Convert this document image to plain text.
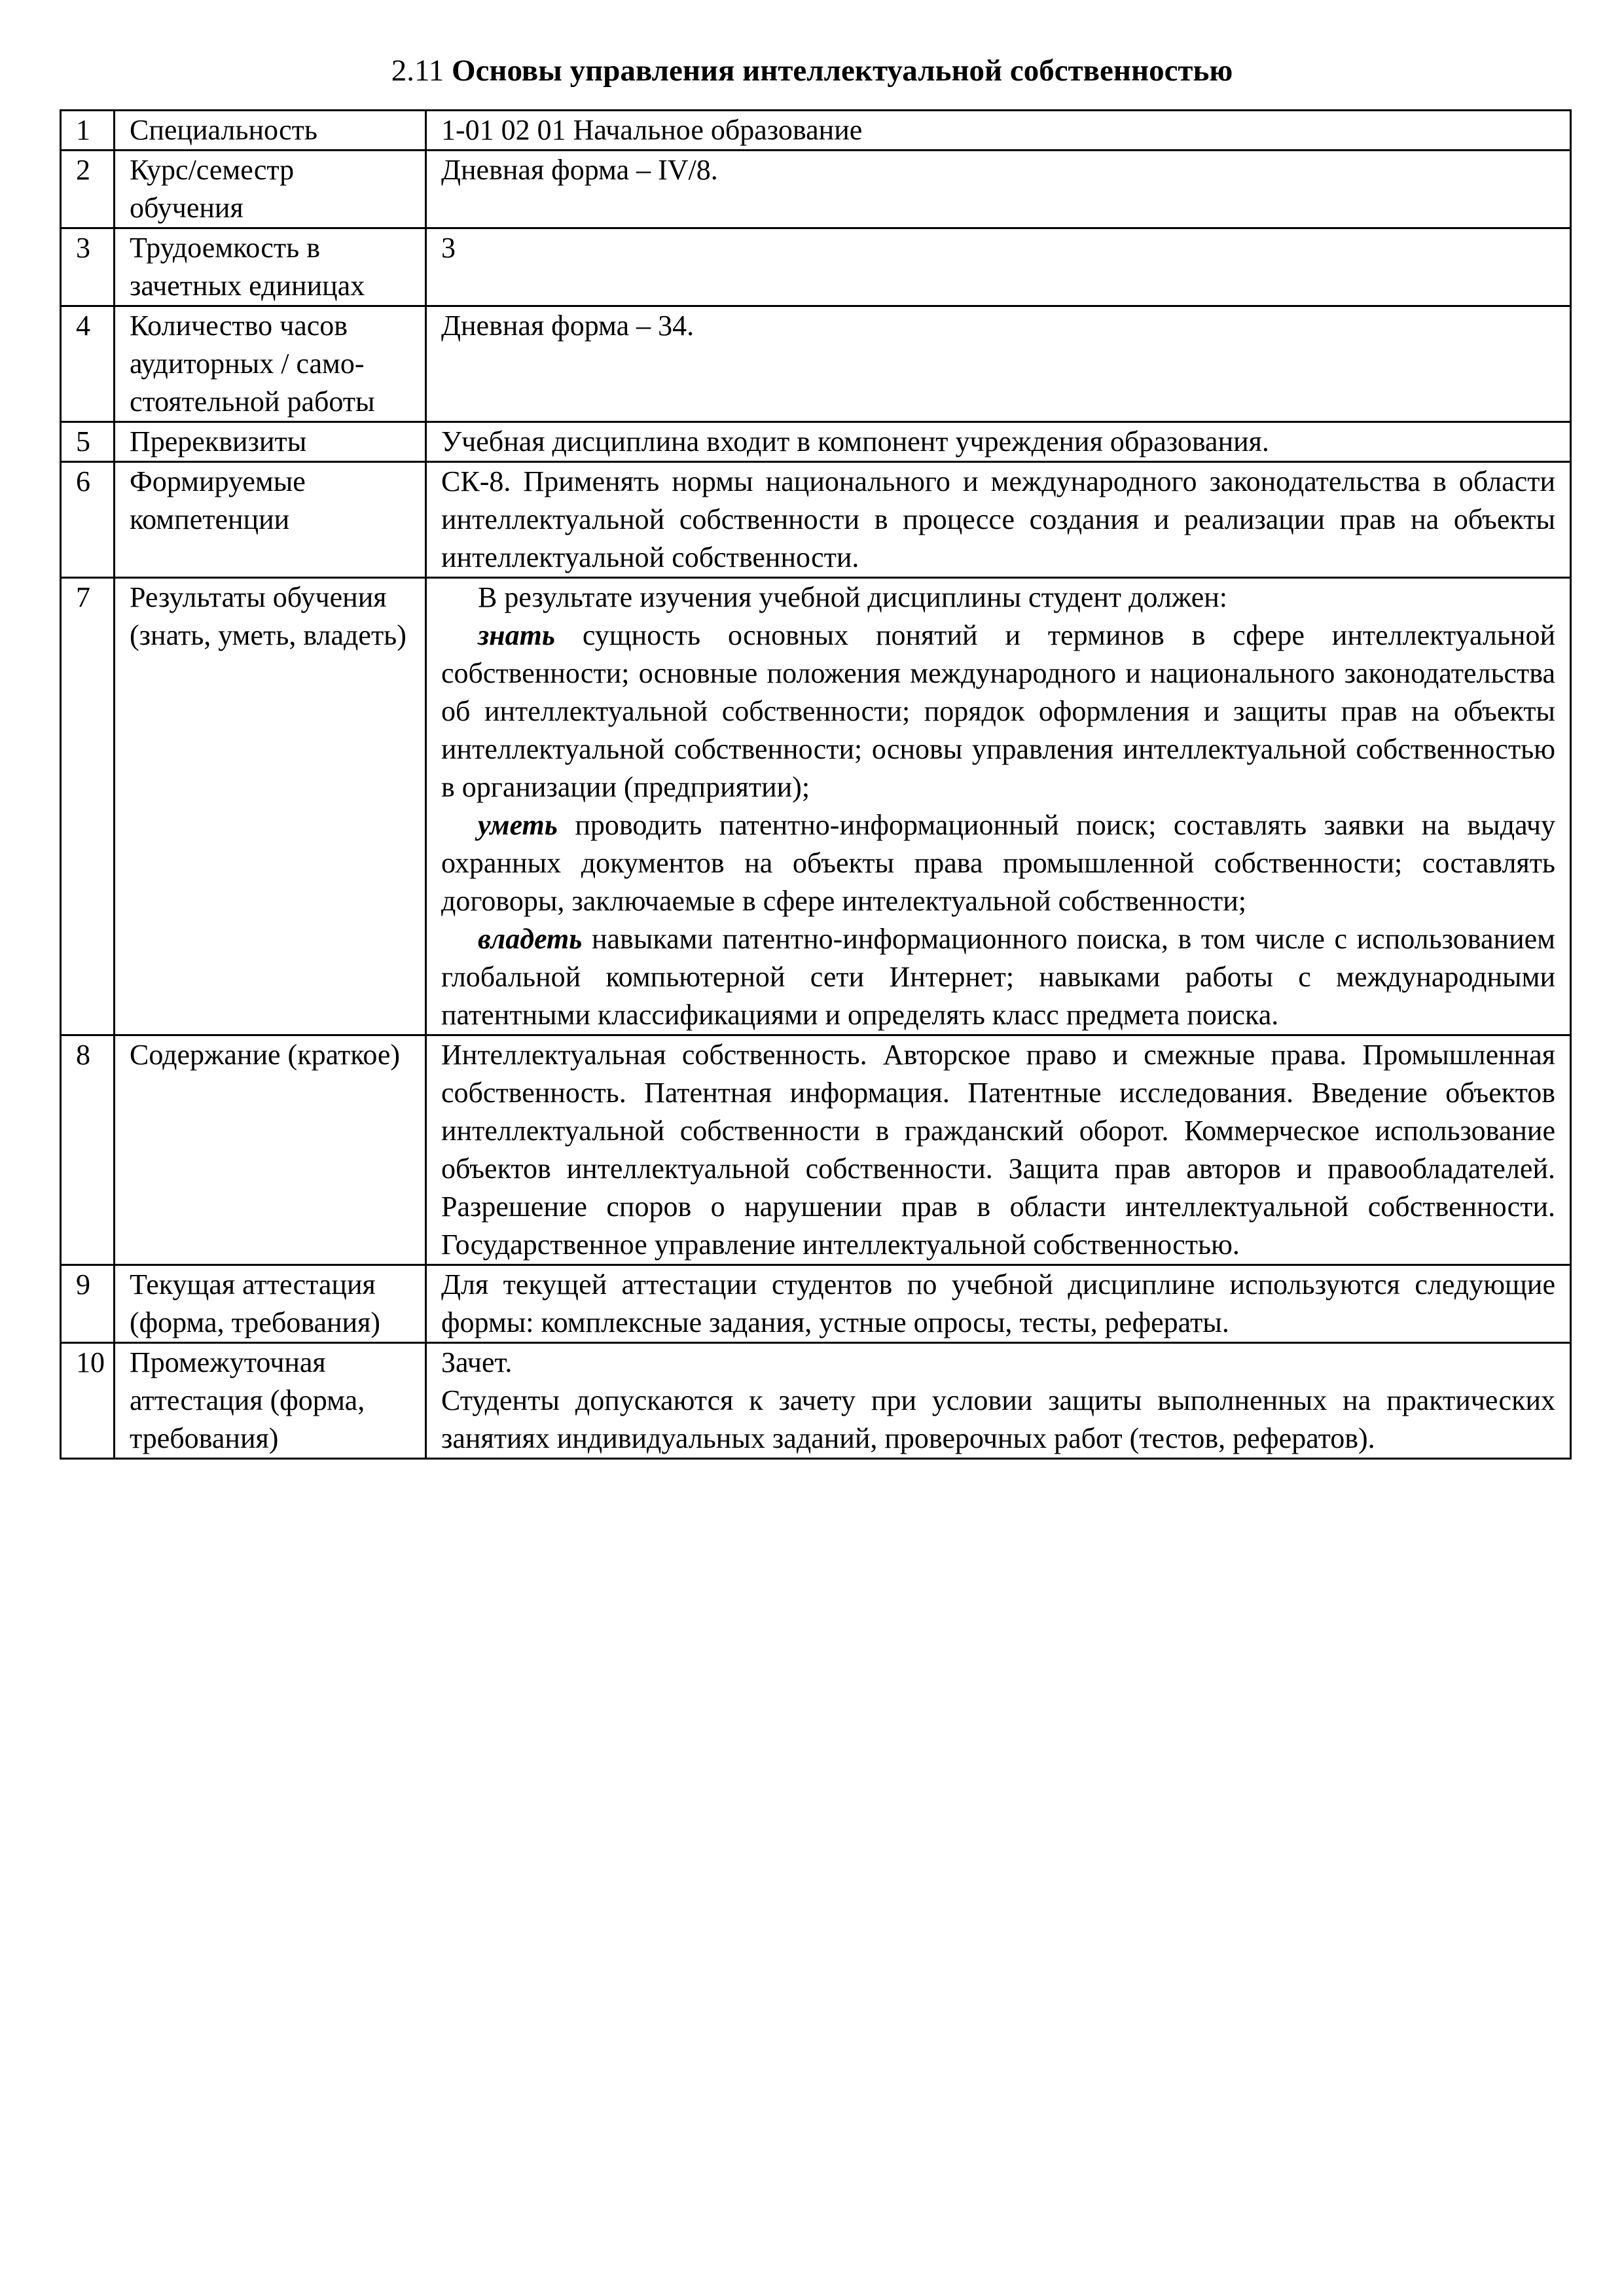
2.11 Основы управления интеллектуальной собственностью
1	Специальность	1-01 02 01 Начальное образование
2	Курс/семестр обучения	Дневная форма – IV/8.
3	Трудоемкость в зачетных единицах	3
4	Количество часов аудиторных / само-стоятельной работы	Дневная форма – 34.
5	Пререквизиты	Учебная дисциплина входит в компонент учреждения образования.
6	Формируемые компетенции	СК-8. Применять нормы национального и международного законодательства в области интеллектуальной собственности в процессе создания и реализации прав на объекты интеллектуальной собственности.
7	Результаты обучения (знать, уметь, владеть)	В результате изучения учебной дисциплины студент должен:

знать сущность основных понятий и терминов в сфере интеллектуальной собственности; основные положения международного и национального законодательства об интеллектуальной собственности; порядок оформления и защиты прав на объекты интеллектуальной собственности; основы управления интеллектуальной собственностью в организации (предприятии);

уметь проводить патентно-информационный поиск; составлять заявки на выдачу охранных документов на объекты права промышленной собственности; составлять договоры, заключаемые в сфере интелектуальной собственности;

владеть навыками патентно-информационного поиска, в том числе с использованием глобальной компьютерной сети Интернет; навыками работы с международными патентными классификациями и определять класс предмета поиска.

8	Содержание (краткое)	Интеллектуальная собственность. Авторское право и смежные права. Промышленная собственность. Патентная информация. Патентные исследования. Введение объектов интеллектуальной собственности в гражданский оборот. Коммерческое использование объектов интеллектуальной собственности. Защита прав авторов и правообладателей. Разрешение споров о нарушении прав в области интеллектуальной собственности. Государственное управление интеллектуальной собственностью.
9	Текущая аттестация (форма, требования)	Для текущей аттестации студентов по учебной дисциплине используются следующие формы: комплексные задания, устные опросы, тесты, рефераты.
10	Промежуточная аттестация (форма, требования)	Зачет.

Студенты допускаются к зачету при условии защиты выполненных на практических занятиях индивидуальных заданий, проверочных работ (тестов, рефератов).
